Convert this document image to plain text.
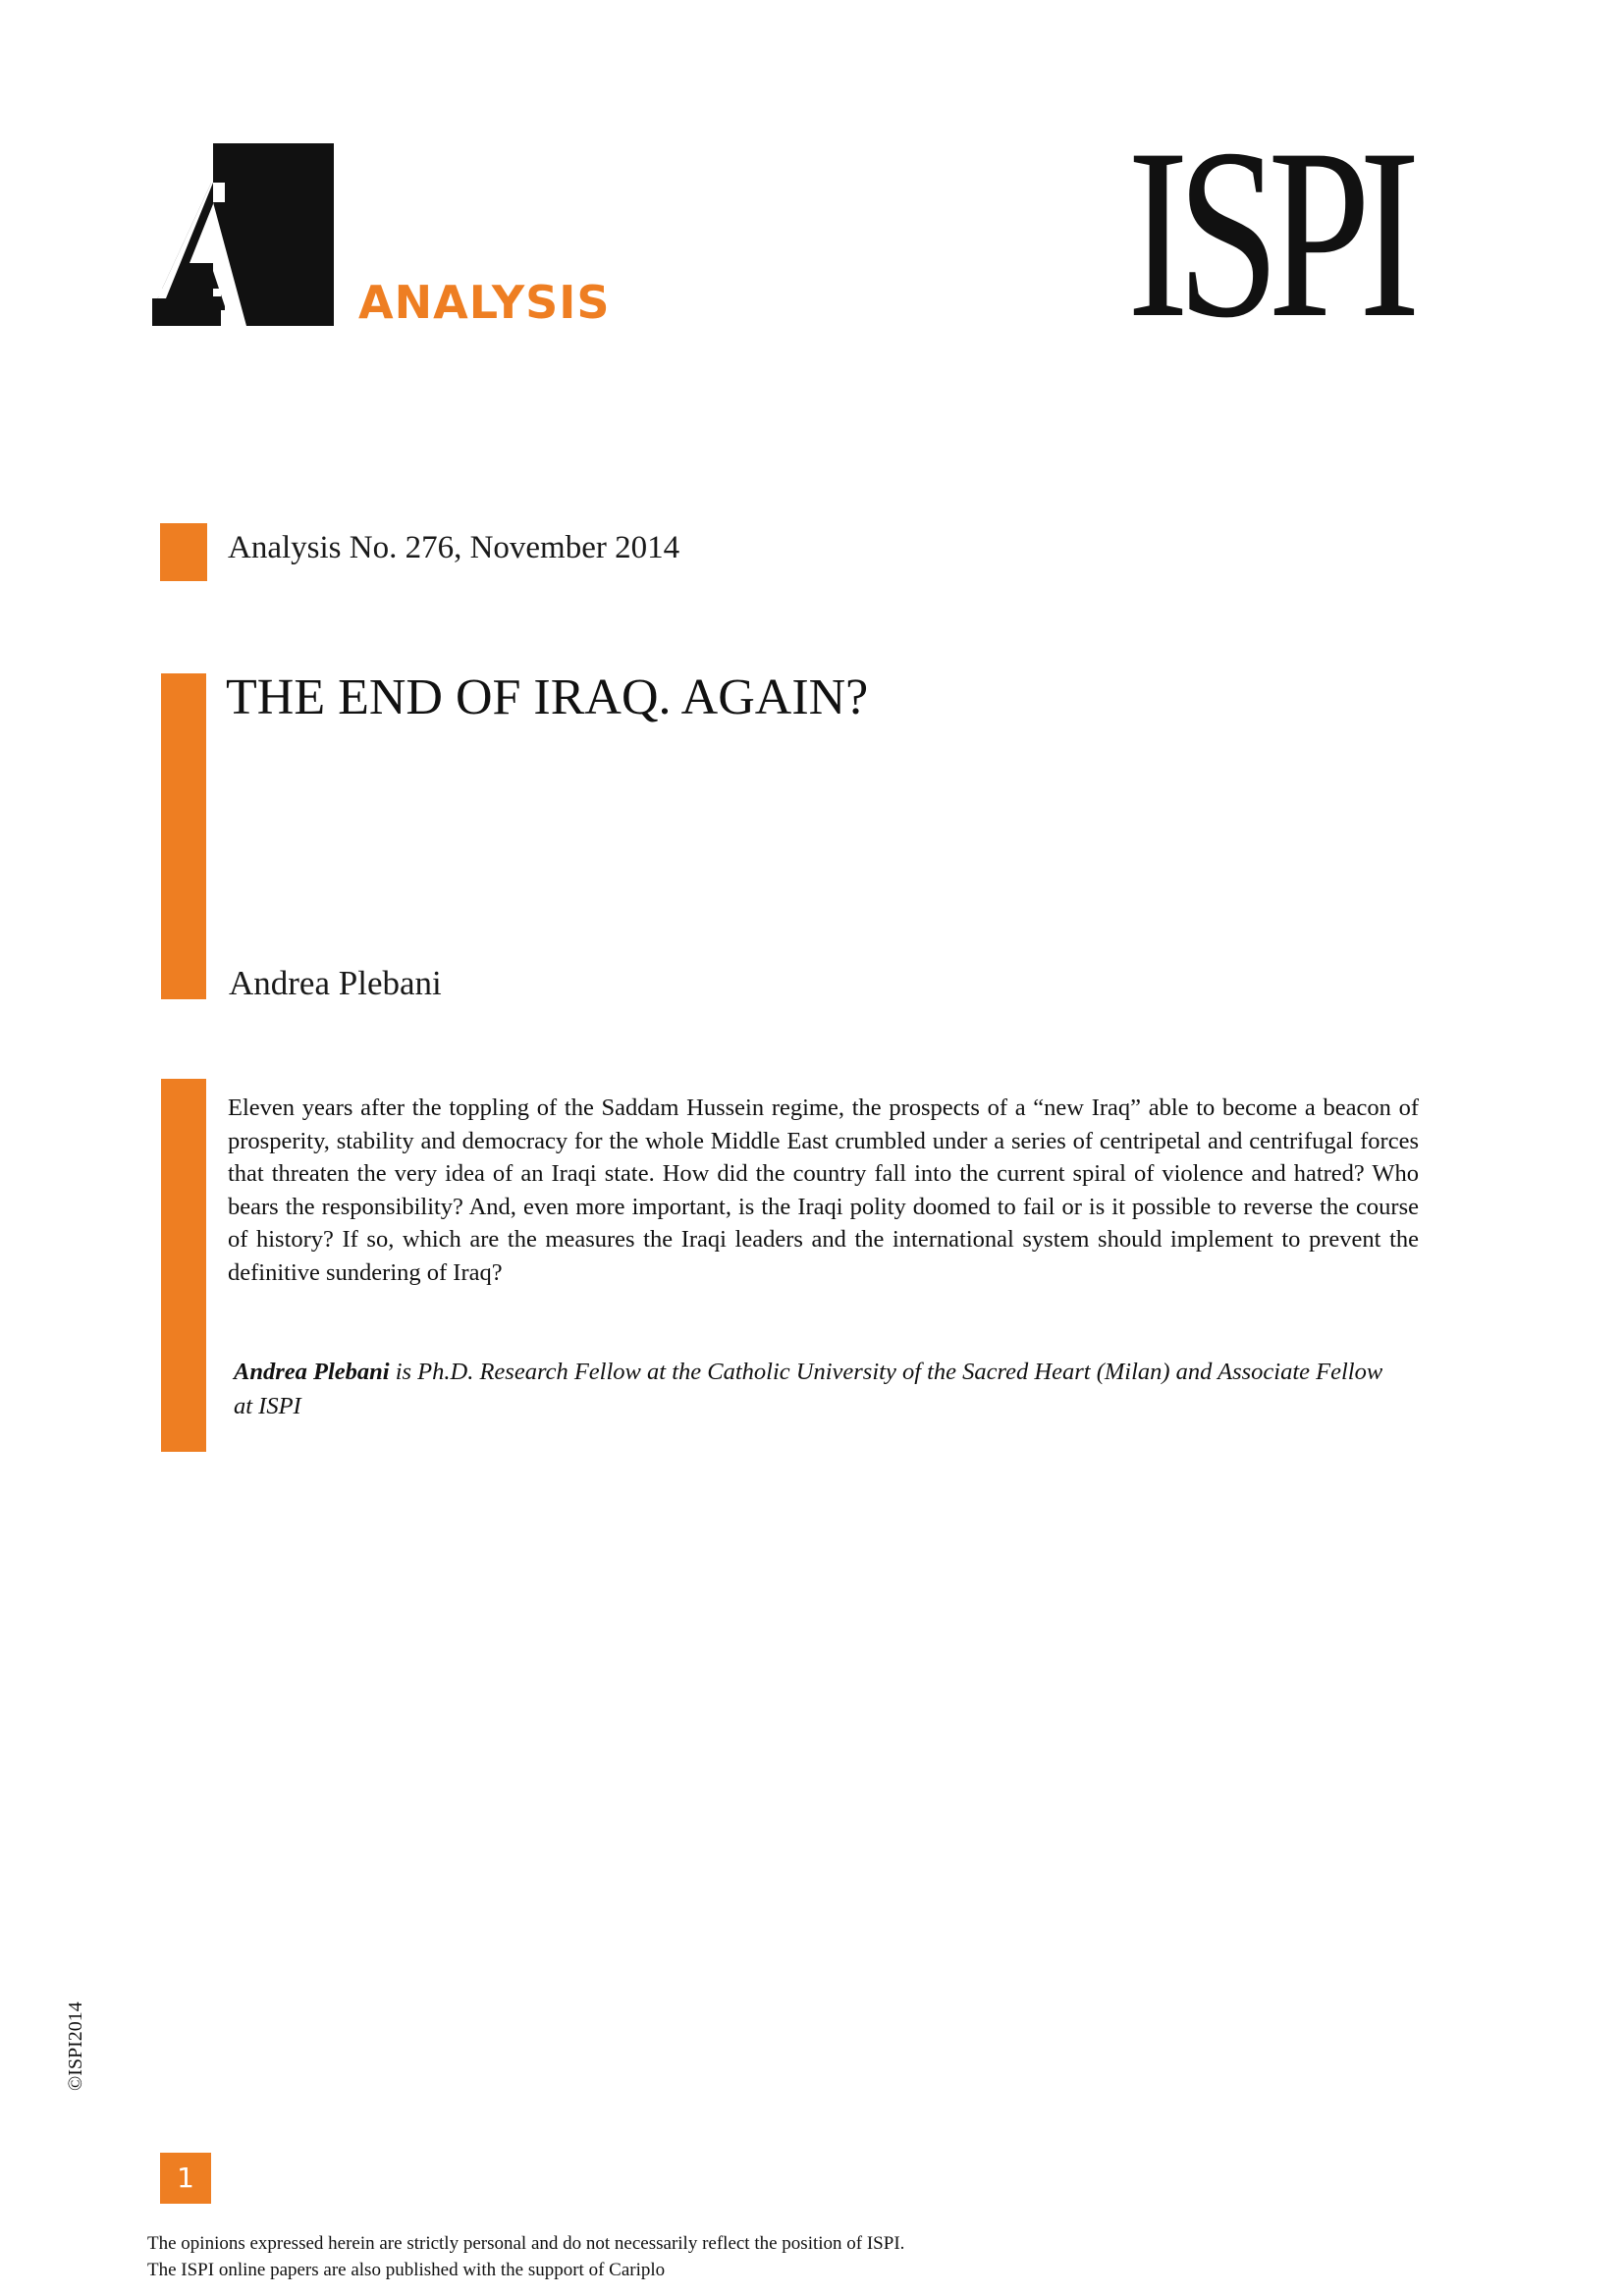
ANALYSIS ISPI
Analysis No. 276, November 2014
THE END OF IRAQ. AGAIN?
Andrea Plebani

Eleven years after the toppling of the Saddam Hussein regime, the prospects of a “new Iraq” able to become a beacon of prosperity, stability and democracy for the whole Middle East crumbled under a series of centripetal and centrifugal forces that threaten the very idea of an Iraqi state. How did the country fall into the current spiral of violence and hatred? Who bears the responsibility? And, even more important, is the Iraqi polity doomed to fail or is it possible to reverse the course of history? If so, which are the measures the Iraqi leaders and the international system should implement to prevent the definitive sundering of Iraq?

Andrea Plebani is Ph.D. Research Fellow at the Catholic University of the Sacred Heart (Milan) and Associate Fellow at ISPI
©ISPI2014
1
The opinions expressed herein are strictly personal and do not necessarily reflect the position of ISPI.
The ISPI online papers are also published with the support of Cariplo
